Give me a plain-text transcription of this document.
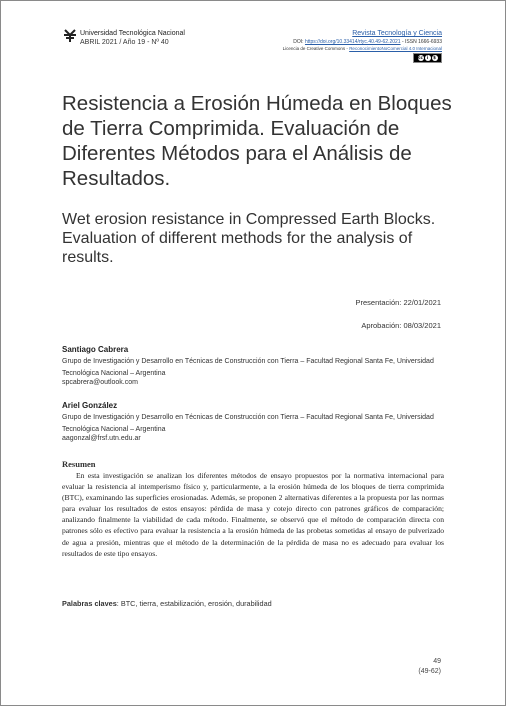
Universidad Tecnológica Nacional
ABRIL 2021 / Año 19 - Nº 40
Revista Tecnología y Ciencia
DOI: https://doi.org/10.33414/rtyc.40.49-62.2021 - ISSN 1666-6933
Licencia de Creative Commons - ReconocimientoNoComercial 4.0 Internacional
cc i	$
Resistencia a Erosión Húmeda en Bloques de Tierra Comprimida. Evaluación de Diferentes Métodos para el Análisis de Resultados.
Wet erosion resistance in Compressed Earth Blocks. Evaluation of different methods for the analysis of results.
Presentación: 22/01/2021
Aprobación: 08/03/2021
Santiago Cabrera
Grupo de Investigación y Desarrollo en Técnicas de Construcción con Tierra – Facultad Regional Santa Fe, Universidad Tecnológica Nacional – Argentina
spcabrera@outlook.com
Ariel González
Grupo de Investigación y Desarrollo en Técnicas de Construcción con Tierra – Facultad Regional Santa Fe, Universidad Tecnológica Nacional – Argentina
aagonzal@frsf.utn.edu.ar
Resumen

En esta investigación se analizan los diferentes métodos de ensayo propuestos por la normativa internacional para evaluar la resistencia al intemperismo físico y, particularmente, a la erosión húmeda de los bloques de tierra comprimida (BTC), examinando las superficies erosionadas. Además, se proponen 2 alternativas diferentes a la propuesta por las normas para evaluar los resultados de estos ensayos: pérdida de masa y cotejo directo con patrones gráficos de comparación; analizando finalmente la viabilidad de cada método. Finalmente, se observó que el método de comparación directa con patrones sólo es efectivo para evaluar la resistencia a la erosión húmeda de las probetas sometidas al ensayo de pulverizado de agua a presión, mientras que el método de la determinación de la pérdida de masa no es adecuado para evaluar los resultados de este tipo ensayos.

Palabras claves: BTC, tierra, estabilización, erosión, durabilidad
49
(49-62)
